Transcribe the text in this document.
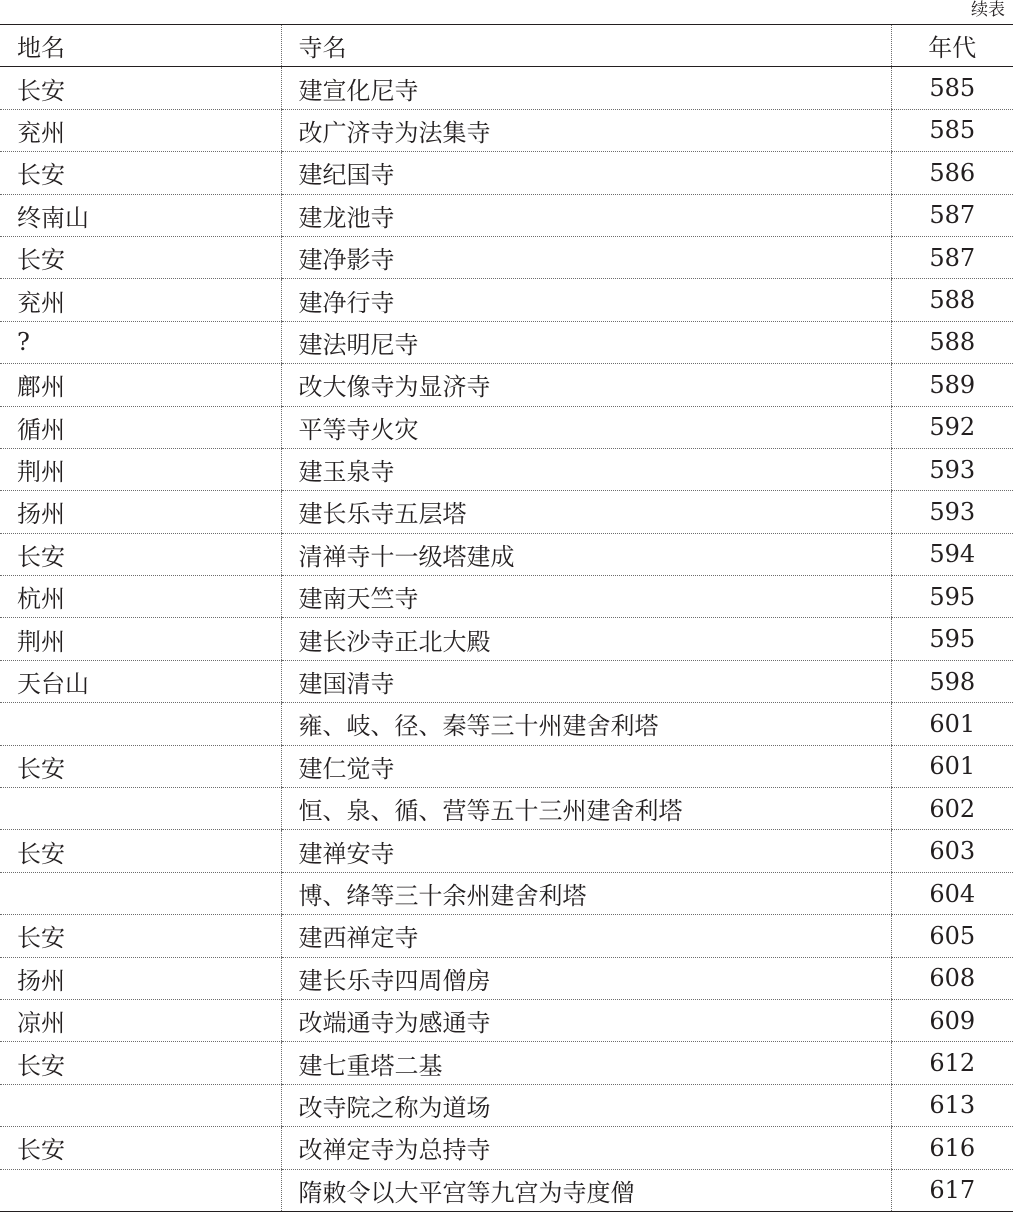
续表
地名	寺名	年代
长安	建宣化尼寺	585
兖州	改广济寺为法集寺	585
长安	建纪国寺	586
终南山	建龙池寺	587
长安	建净影寺	587
兖州	建净行寺	588
?	建法明尼寺	588
鄜州	改大像寺为显济寺	589
循州	平等寺火灾	592
荆州	建玉泉寺	593
扬州	建长乐寺五层塔	593
长安	清禅寺十一级塔建成	594
杭州	建南天竺寺	595
荆州	建长沙寺正北大殿	595
天台山	建国清寺	598
	雍、岐、径、秦等三十州建舍利塔	601
长安	建仁觉寺	601
	恒、泉、循、营等五十三州建舍利塔	602
长安	建禅安寺	603
	博、绛等三十余州建舍利塔	604
长安	建西禅定寺	605
扬州	建长乐寺四周僧房	608
凉州	改端通寺为感通寺	609
长安	建七重塔二基	612
	改寺院之称为道场	613
长安	改禅定寺为总持寺	616
	隋敕令以大平宫等九宫为寺度僧	617
